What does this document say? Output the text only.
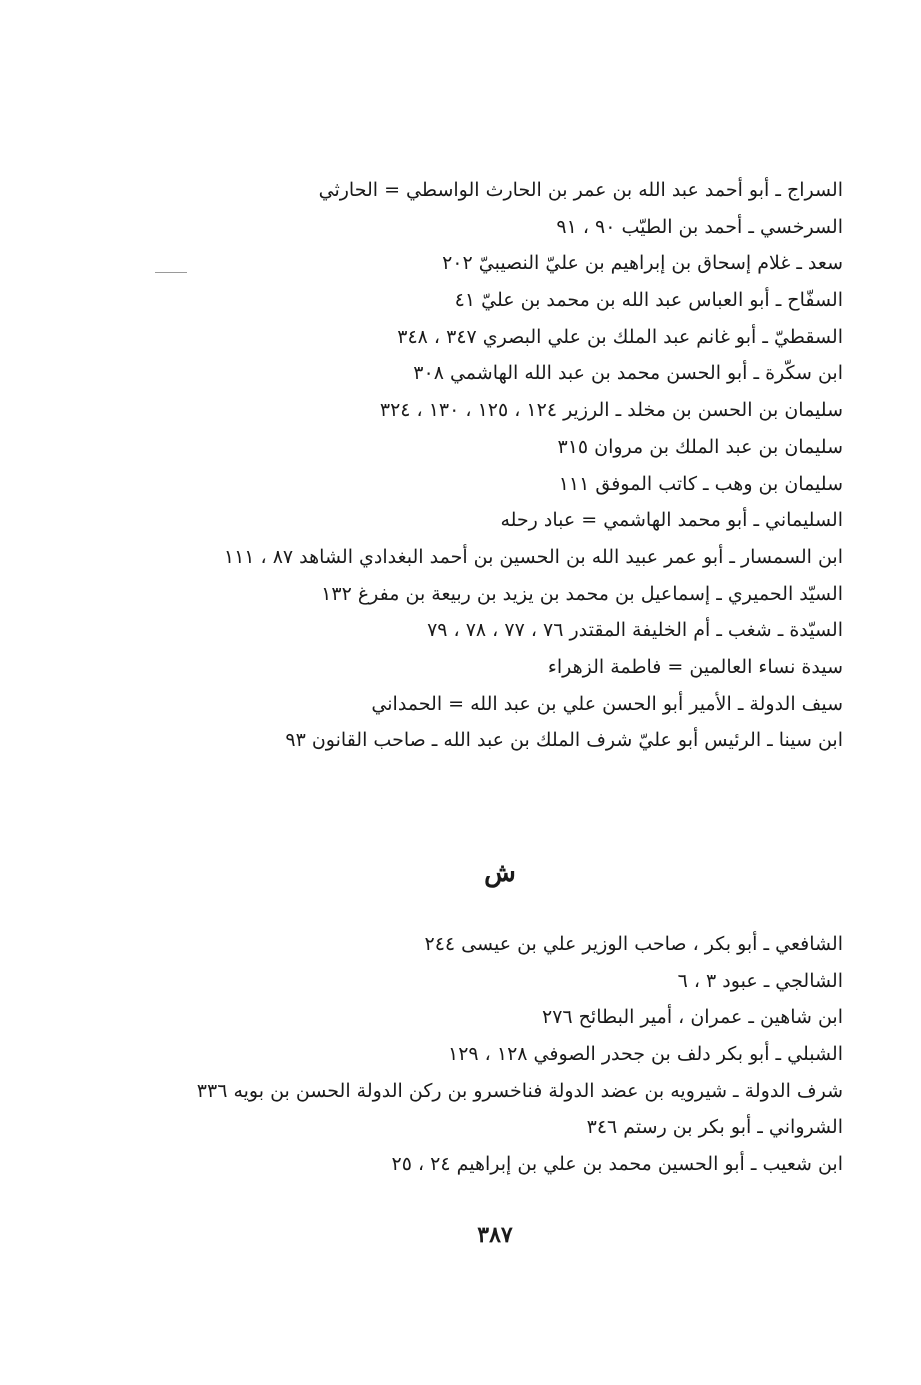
السراج ـ أبو أحمد عبد الله بن عمر بن الحارث الواسطي = الحارثي
السرخسي ـ أحمد بن الطيّب ٩٠ ، ٩١
سعد ـ غلام إسحاق بن إبراهيم بن عليّ النصيبيّ ٢٠٢
السفّاح ـ أبو العباس عبد الله بن محمد بن عليّ ٤١
السقطيّ ـ أبو غانم عبد الملك بن علي البصري ٣٤٧ ، ٣٤٨
ابن سكّرة ـ أبو الحسن محمد بن عبد الله الهاشمي ٣٠٨
سليمان بن الحسن بن مخلد ـ الرزير ١٢٤ ، ١٢٥ ، ١٣٠ ، ٣٢٤
سليمان بن عبد الملك بن مروان ٣١٥
سليمان بن وهب ـ كاتب الموفق ١١١
السليماني ـ أبو محمد الهاشمي = عباد رحله
ابن السمسار ـ أبو عمر عبيد الله بن الحسين بن أحمد البغدادي الشاهد ٨٧ ، ١١١
السيّد الحميري ـ إسماعيل بن محمد بن يزيد بن ربيعة بن مفرغ ١٣٢
السيّدة ـ شغب ـ أم الخليفة المقتدر ٧٦ ، ٧٧ ، ٧٨ ، ٧٩
سيدة نساء العالمين = فاطمة الزهراء
سيف الدولة ـ الأمير أبو الحسن علي بن عبد الله = الحمداني
ابن سينا ـ الرئيس أبو عليّ شرف الملك بن عبد الله ـ صاحب القانون ٩٣
ش
الشافعي ـ أبو بكر ، صاحب الوزير علي بن عيسى ٢٤٤
الشالجي ـ عبود ٣ ، ٦
ابن شاهين ـ عمران ، أمير البطائح ٢٧٦
الشبلي ـ أبو بكر دلف بن جحدر الصوفي ١٢٨ ، ١٢٩
شرف الدولة ـ شيرويه بن عضد الدولة فناخسرو بن ركن الدولة الحسن بن بويه ٣٣٦
الشرواني ـ أبو بكر بن رستم ٣٤٦
ابن شعيب ـ أبو الحسين محمد بن علي بن إبراهيم ٢٤ ، ٢٥
٣٨٧
